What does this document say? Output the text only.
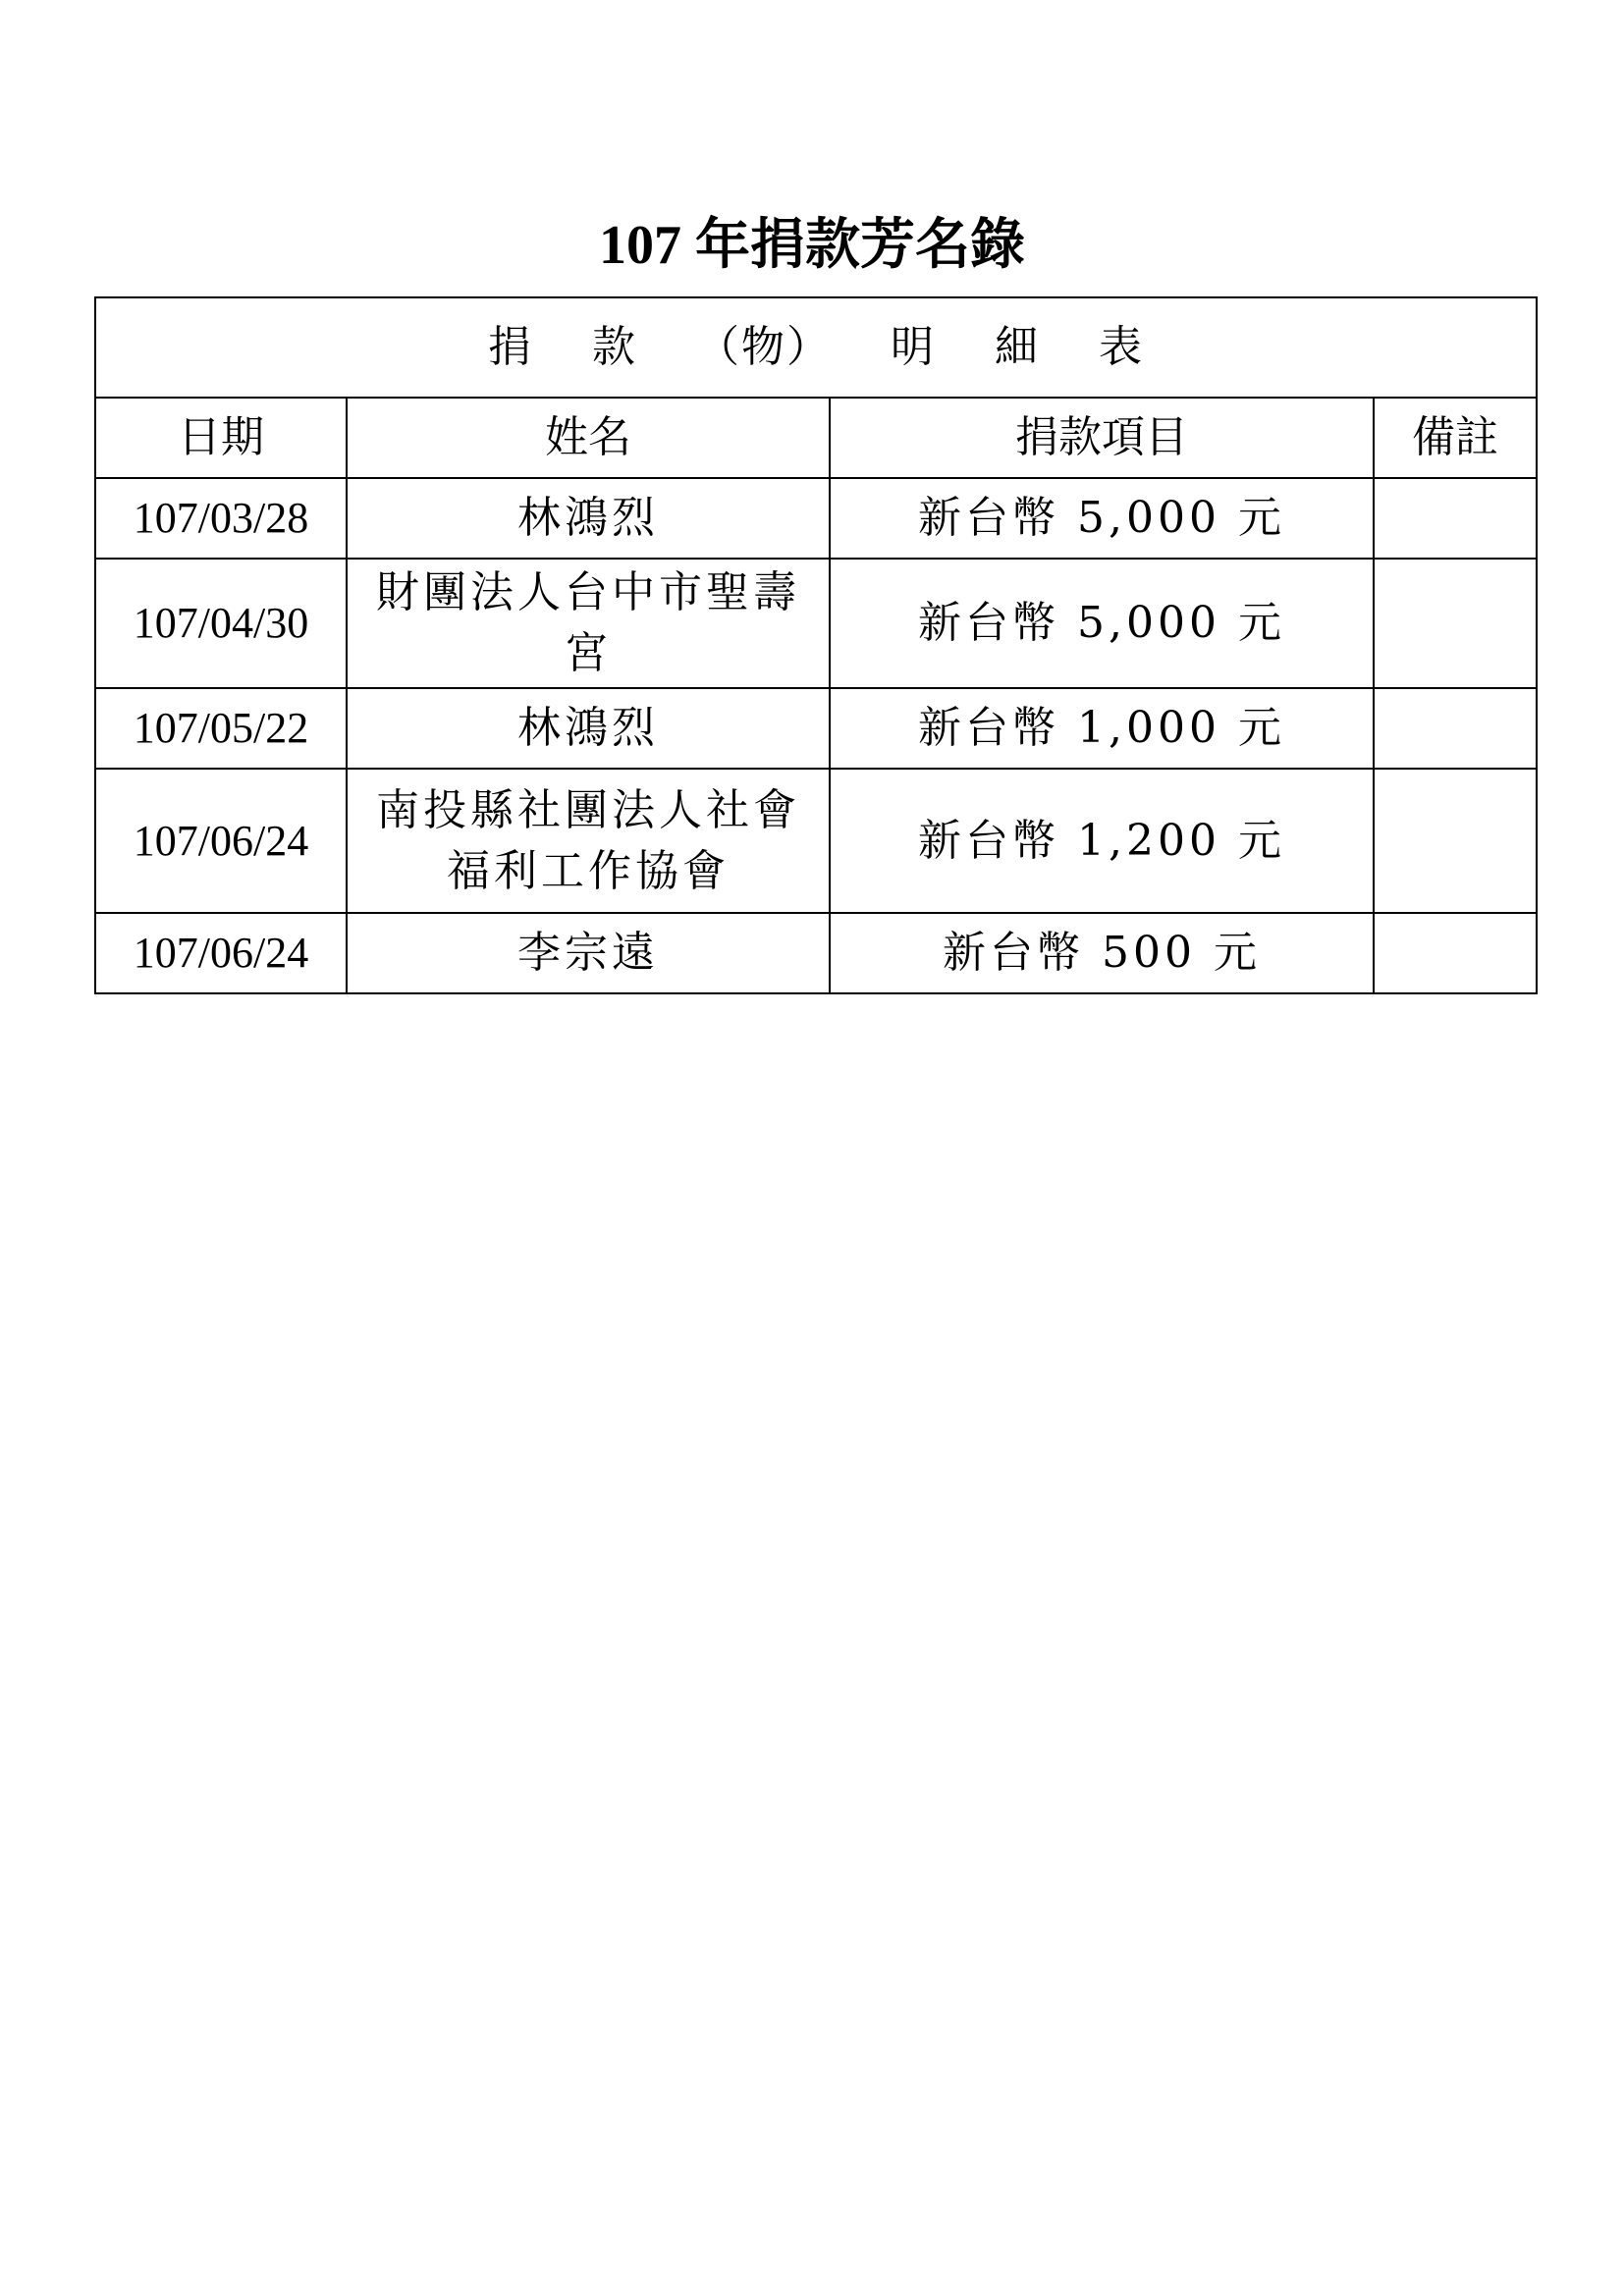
107 年捐款芳名錄
捐 款 （物） 明 細 表			
日期	姓名	捐款項目	備註
107/03/28	林鴻烈	新台幣 5,000 元	
107/04/30	財團法人台中市聖壽宮	新台幣 5,000 元	
107/05/22	林鴻烈	新台幣 1,000 元	
107/06/24	南投縣社團法人社會福利工作協會	新台幣 1,200 元	
107/06/24	李宗遠	新台幣 500 元	
